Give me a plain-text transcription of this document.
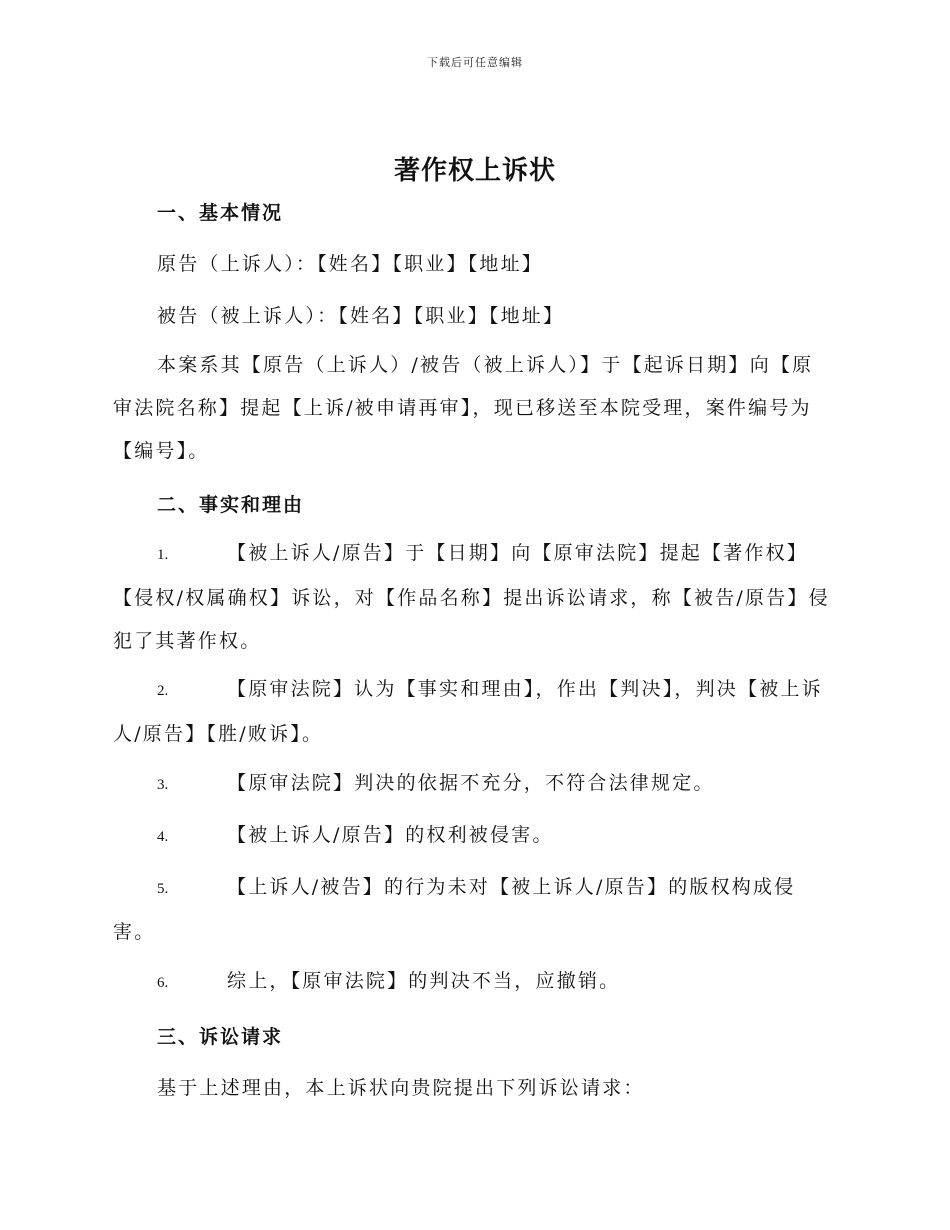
下载后可任意编辑
著作权上诉状
一、基本情况
原告（上诉人）：【姓名】【职业】【地址】
被告（被上诉人）：【姓名】【职业】【地址】
本案系其【原告（上诉人）/被告（被上诉人）】于【起诉日期】向【原审法院名称】提起【上诉/被申请再审】，现已移送至本院受理，案件编号为【编号】。
二、事实和理由
1.	【被上诉人/原告】于【日期】向【原审法院】提起【著作权】【侵权/权属确权】诉讼，对【作品名称】提出诉讼请求，称【被告/原告】侵犯了其著作权。
2.	【原审法院】认为【事实和理由】，作出【判决】，判决【被上诉人/原告】【胜/败诉】。
3.	【原审法院】判决的依据不充分，不符合法律规定。
4.	【被上诉人/原告】的权利被侵害。
5.	【上诉人/被告】的行为未对【被上诉人/原告】的版权构成侵害。
6.	综上，【原审法院】的判决不当，应撤销。
三、诉讼请求
基于上述理由，本上诉状向贵院提出下列诉讼请求：
